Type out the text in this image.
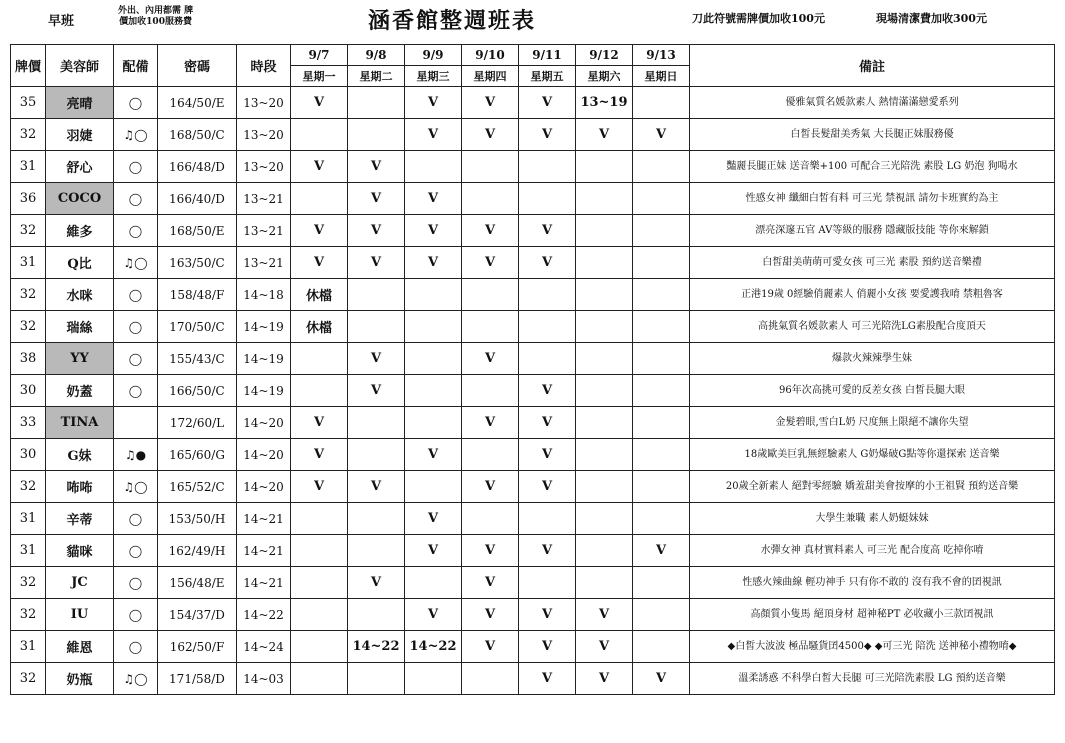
早班
外出、內用都需 牌
價加收100服務費	涵香館整週班表	刀此符號需牌價加收100元	現場清潔費加收300元
牌價	美容師	配備	密碼	時段	9/7	9/8	9/9	9/10	9/11	9/12	9/13	備註
					星期一	星期二	星期三	星期四	星期五	星期六	星期日	
35	亮晴	◯	164/50/E	13~20	V		V	V	V	13~19		優雅氣質名媛款素人 熱情滿滿戀愛系列
32	羽婕	♫◯	168/50/C	13~20			V	V	V	V	V	白皙長髮甜美秀氣 大長腿正妹服務優
31	舒心	◯	166/48/D	13~20	V	V						豔麗長腿正妹 送音樂+100 可配合三光陪洗 素股 LG 奶泡 狗喝水
36	COCO	◯	166/40/D	13~21		V	V					性感女神 纖細白皙有料 可三光 禁視訊 請勿卡班實約為主
32	維多	◯	168/50/E	13~21	V	V	V	V	V			漂亮深邃五官 AV等級的服務 隱藏版技能 等你來解鎖
31	Q比	♫◯	163/50/C	13~21	V	V	V	V	V			白皙甜美萌萌可愛女孩 可三光 素股 預約送音樂禮
32	水咪	◯	158/48/F	14~18	休檔							正港19歲 0經驗俏麗素人 俏麗小女孩 要愛護我唷 禁粗魯客
32	瑞絲	◯	170/50/C	14~19	休檔							高挑氣質名媛款素人 可三光陪洗LG素股配合度頂天
38	YY	◯	155/43/C	14~19		V		V				爆款火辣辣學生妹
30	奶蓋	◯	166/50/C	14~19		V			V			96年次高挑可愛的反差女孩 白皙長腿大眼
33	TINA		172/60/L	14~20	V			V	V			金髮碧眼,雪白L奶 尺度無上限絕不讓你失望
30	G妹	♫●	165/60/G	14~20	V		V		V			18歲歐美巨乳無經驗素人 G奶爆破G點等你還探索 送音樂
32	咘咘	♫◯	165/52/C	14~20	V	V		V	V			20歲全新素人 絕對零經驗 嬌羞甜美會按摩的小王祖賢 預約送音樂
31	辛蒂	◯	153/50/H	14~21			V					大學生兼職 素人奶蜓妹妹
31	貓咪	◯	162/49/H	14~21			V	V	V		V	水彈女神 真材實料素人 可三光 配合度高 吃掉你唷
32	JC	◯	156/48/E	14~21		V		V				性感火辣曲線 輕功神手 只有你不敢的 沒有我不會的囝視訊
32	IU	◯	154/37/D	14~22			V	V	V	V		高顏質小隻馬 絕頂身材 超神秘PT 必收藏小三款囝視訊
31	維恩	◯	162/50/F	14~24		14~22	14~22	V	V	V		◆白皙大波波 極品騷貨囝4500◆ ◆可三光 陪洗 送神秘小禮物唷◆
32	奶瓶	♫◯	171/58/D	14~03					V	V	V	溫柔誘惑 不科學白皙大長腿 可三光陪洗素股 LG 預約送音樂
